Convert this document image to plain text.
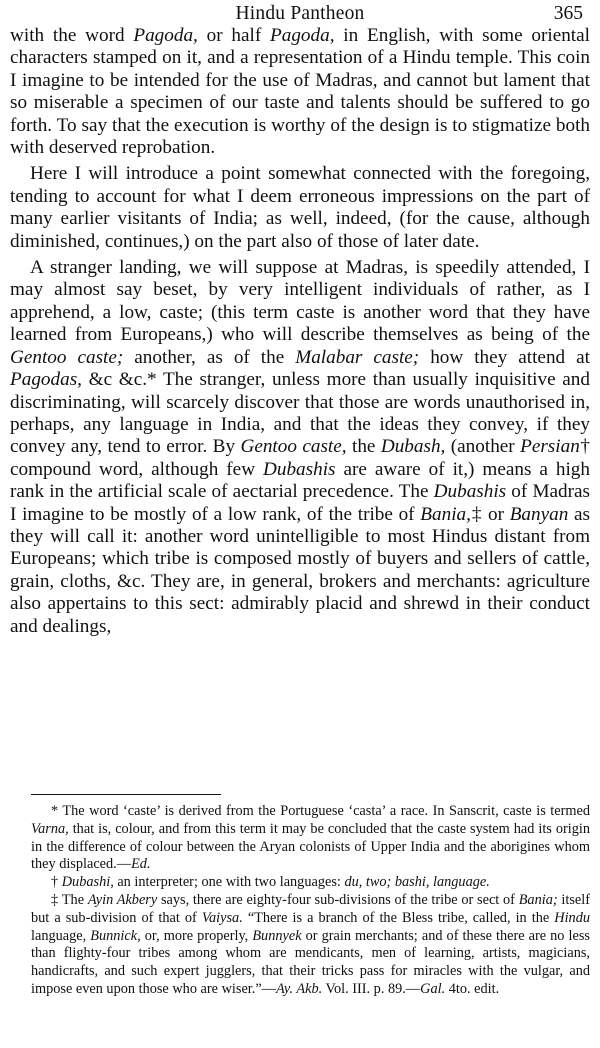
Hindu Pantheon	365

with the word Pagoda, or half Pagoda, in English, with some oriental characters stamped on it, and a representation of a Hindu temple. This coin I imagine to be intended for the use of Madras, and cannot but lament that so miserable a specimen of our taste and talents should be suffered to go forth. To say that the execution is worthy of the design is to stigmatize both with deserved reprobation.

Here I will introduce a point somewhat connected with the foregoing, tending to account for what I deem erroneous impressions on the part of many earlier visitants of India; as well, indeed, (for the cause, although diminished, continues,) on the part also of those of later date.

A stranger landing, we will suppose at Madras, is speedily attended, I may almost say beset, by very intelligent individuals of rather, as I apprehend, a low, caste; (this term caste is another word that they have learned from Europeans,) who will describe themselves as being of the Gentoo caste; another, as of the Malabar caste; how they attend at Pagodas, &c &c.* The stranger, unless more than usually inquisitive and discriminating, will scarcely discover that those are words unauthorised in, perhaps, any language in India, and that the ideas they convey, if they convey any, tend to error. By Gentoo caste, the Dubash, (another Persian† compound word, although few Dubashis are aware of it,) means a high rank in the artificial scale of aectarial precedence. The Dubashis of Madras I imagine to be mostly of a low rank, of the tribe of Bania,‡ or Banyan as they will call it: another word unintelligible to most Hindus distant from Europeans; which tribe is composed mostly of buyers and sellers of cattle, grain, cloths, &c. They are, in general, brokers and merchants: agriculture also appertains to this sect: admirably placid and shrewd in their conduct and dealings,

* The word ‘caste’ is derived from the Portuguese ‘casta’ a race. In Sanscrit, caste is termed Varna, that is, colour, and from this term it may be concluded that the caste system had its origin in the difference of colour between the Aryan colonists of Upper India and the aborigines whom they displaced.—Ed.

† Dubashi, an interpreter; one with two languages: du, two; bashi, language.

‡ The Ayin Akbery says, there are eighty-four sub-divisions of the tribe or sect of Bania; itself but a sub-division of that of Vaiysa. “There is a branch of the Bless tribe, called, in the Hindu language, Bunnick, or, more properly, Bunnyek or grain merchants; and of these there are no less than flighty-four tribes among whom are mendicants, men of learning, artists, magicians, handicrafts, and such expert jugglers, that their tricks pass for miracles with the vulgar, and impose even upon those who are wiser.”—Ay. Akb. Vol. III. p. 89.—Gal. 4to. edit.
